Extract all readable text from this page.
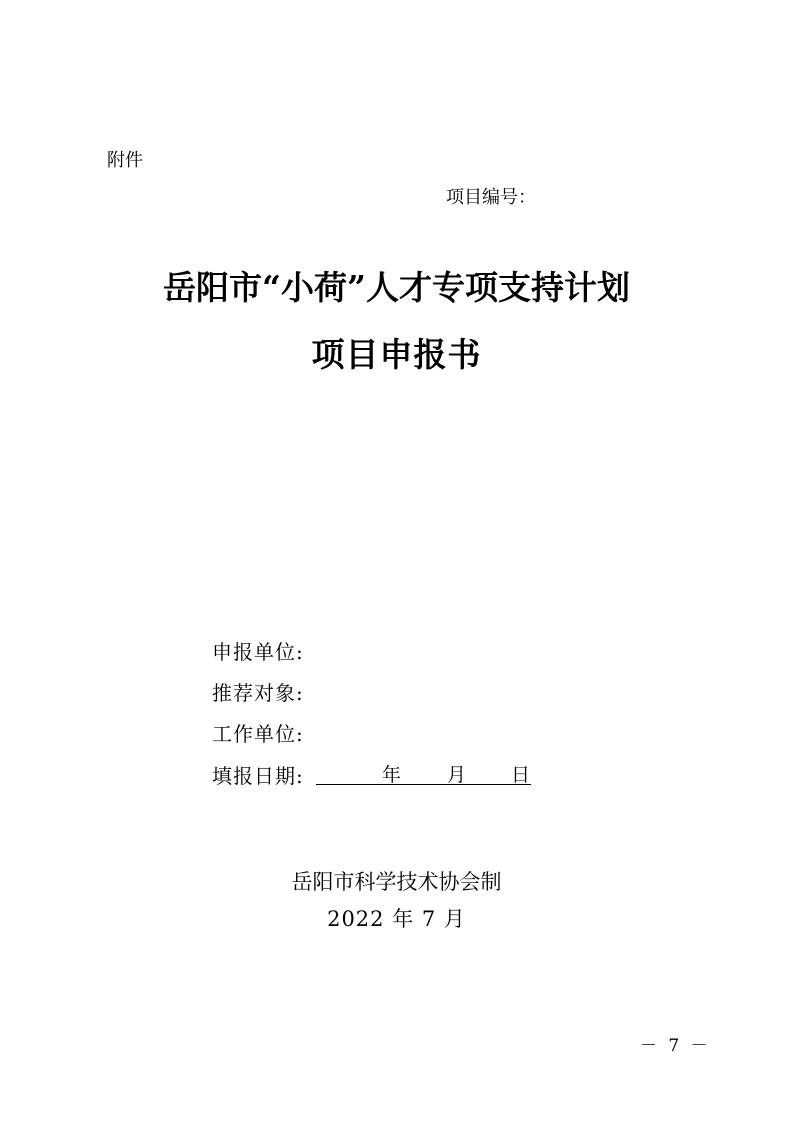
附件
项目编号：
岳阳市“小荷”人才专项支持计划
项目申报书
申报单位:
推荐对象:
工作单位:
填报日期:	年 月 日
岳阳市科学技术协会制
2022 年 7 月
－ 7 －
